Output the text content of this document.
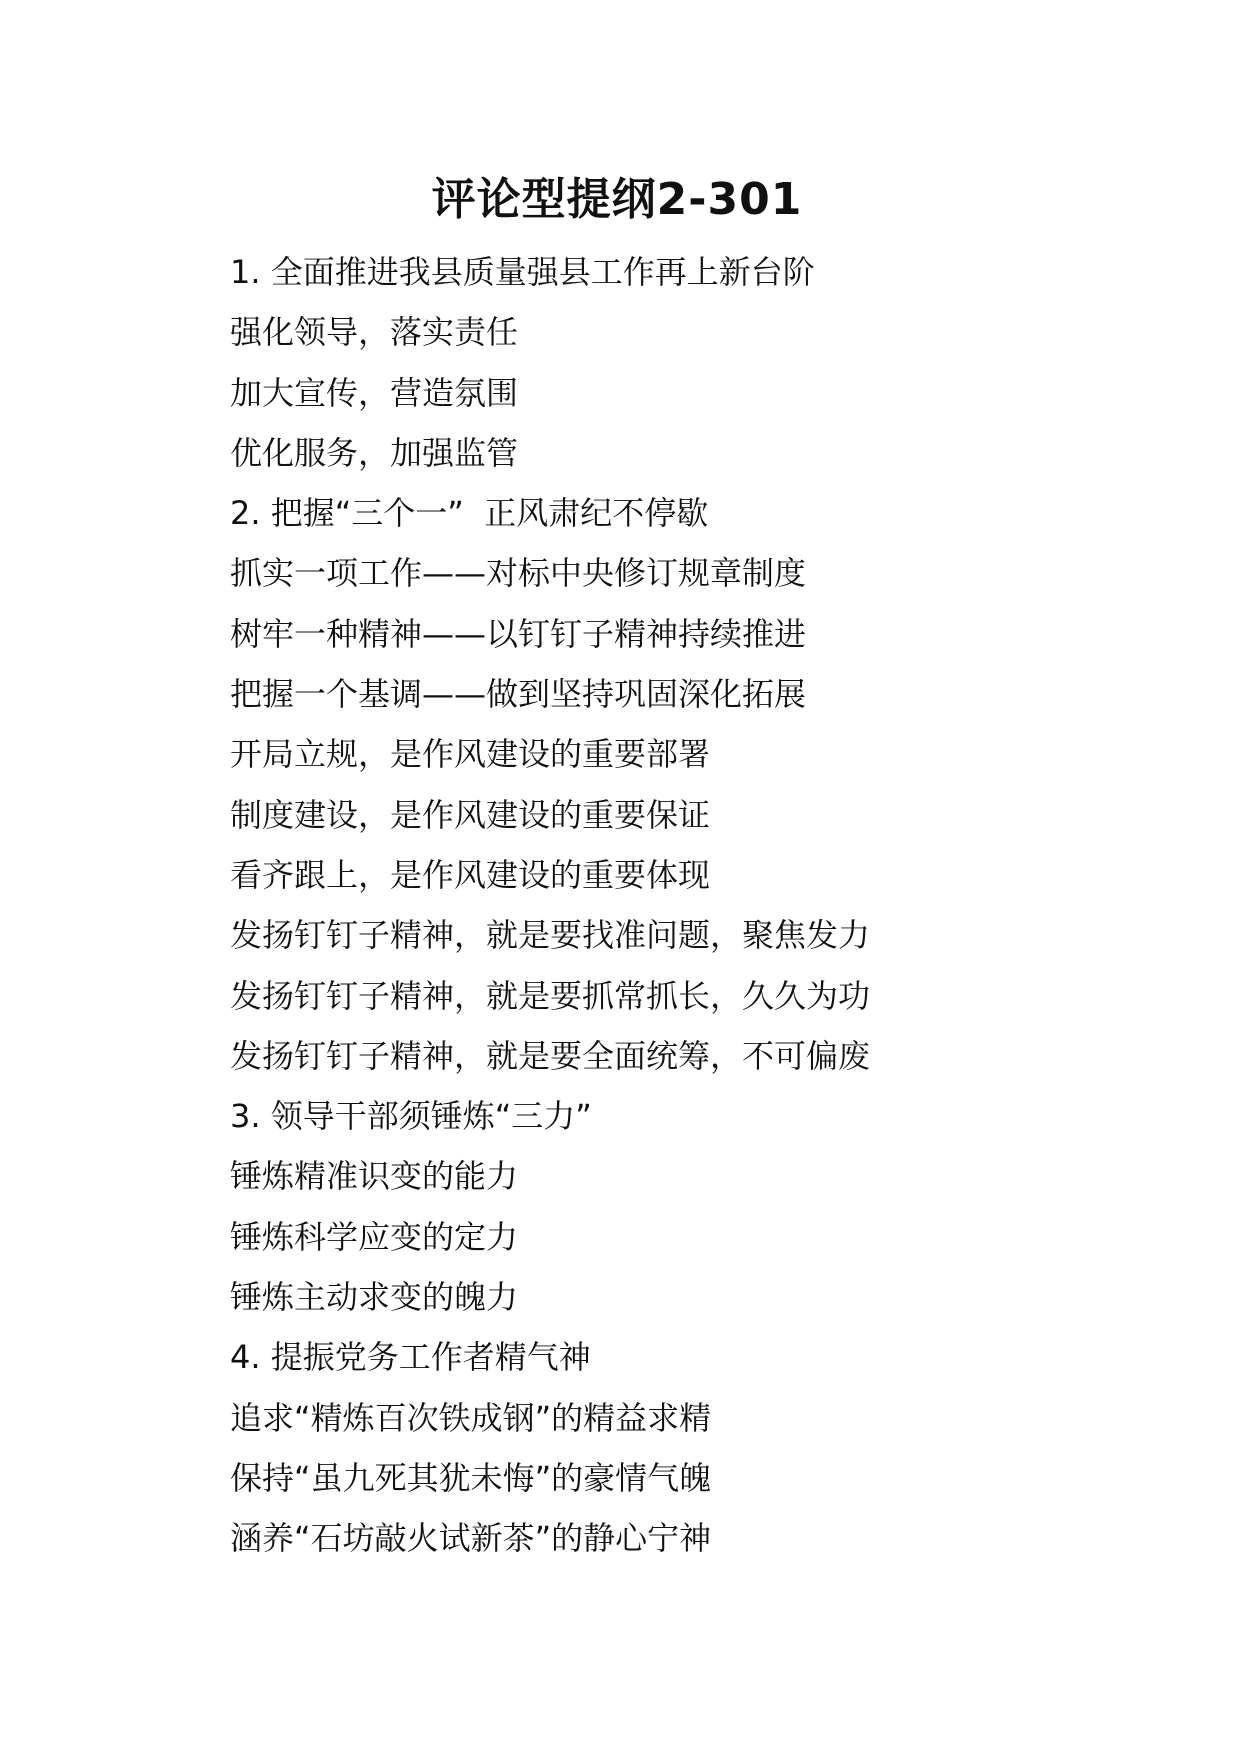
评论型提纲2-301
1. 全面推进我县质量强县工作再上新台阶
强化领导，落实责任
加大宣传，营造氛围
优化服务，加强监管
2. 把握“三个一”  正风肃纪不停歇
抓实一项工作——对标中央修订规章制度
树牢一种精神——以钉钉子精神持续推进
把握一个基调——做到坚持巩固深化拓展
开局立规，是作风建设的重要部署
制度建设，是作风建设的重要保证
看齐跟上，是作风建设的重要体现
发扬钉钉子精神，就是要找准问题，聚焦发力
发扬钉钉子精神，就是要抓常抓长，久久为功
发扬钉钉子精神，就是要全面统筹，不可偏废
3. 领导干部须锤炼“三力”
锤炼精准识变的能力
锤炼科学应变的定力
锤炼主动求变的魄力
4. 提振党务工作者精气神
追求“精炼百次铁成钢”的精益求精
保持“虽九死其犹未悔”的豪情气魄
涵养“石坊敲火试新茶”的静心宁神
